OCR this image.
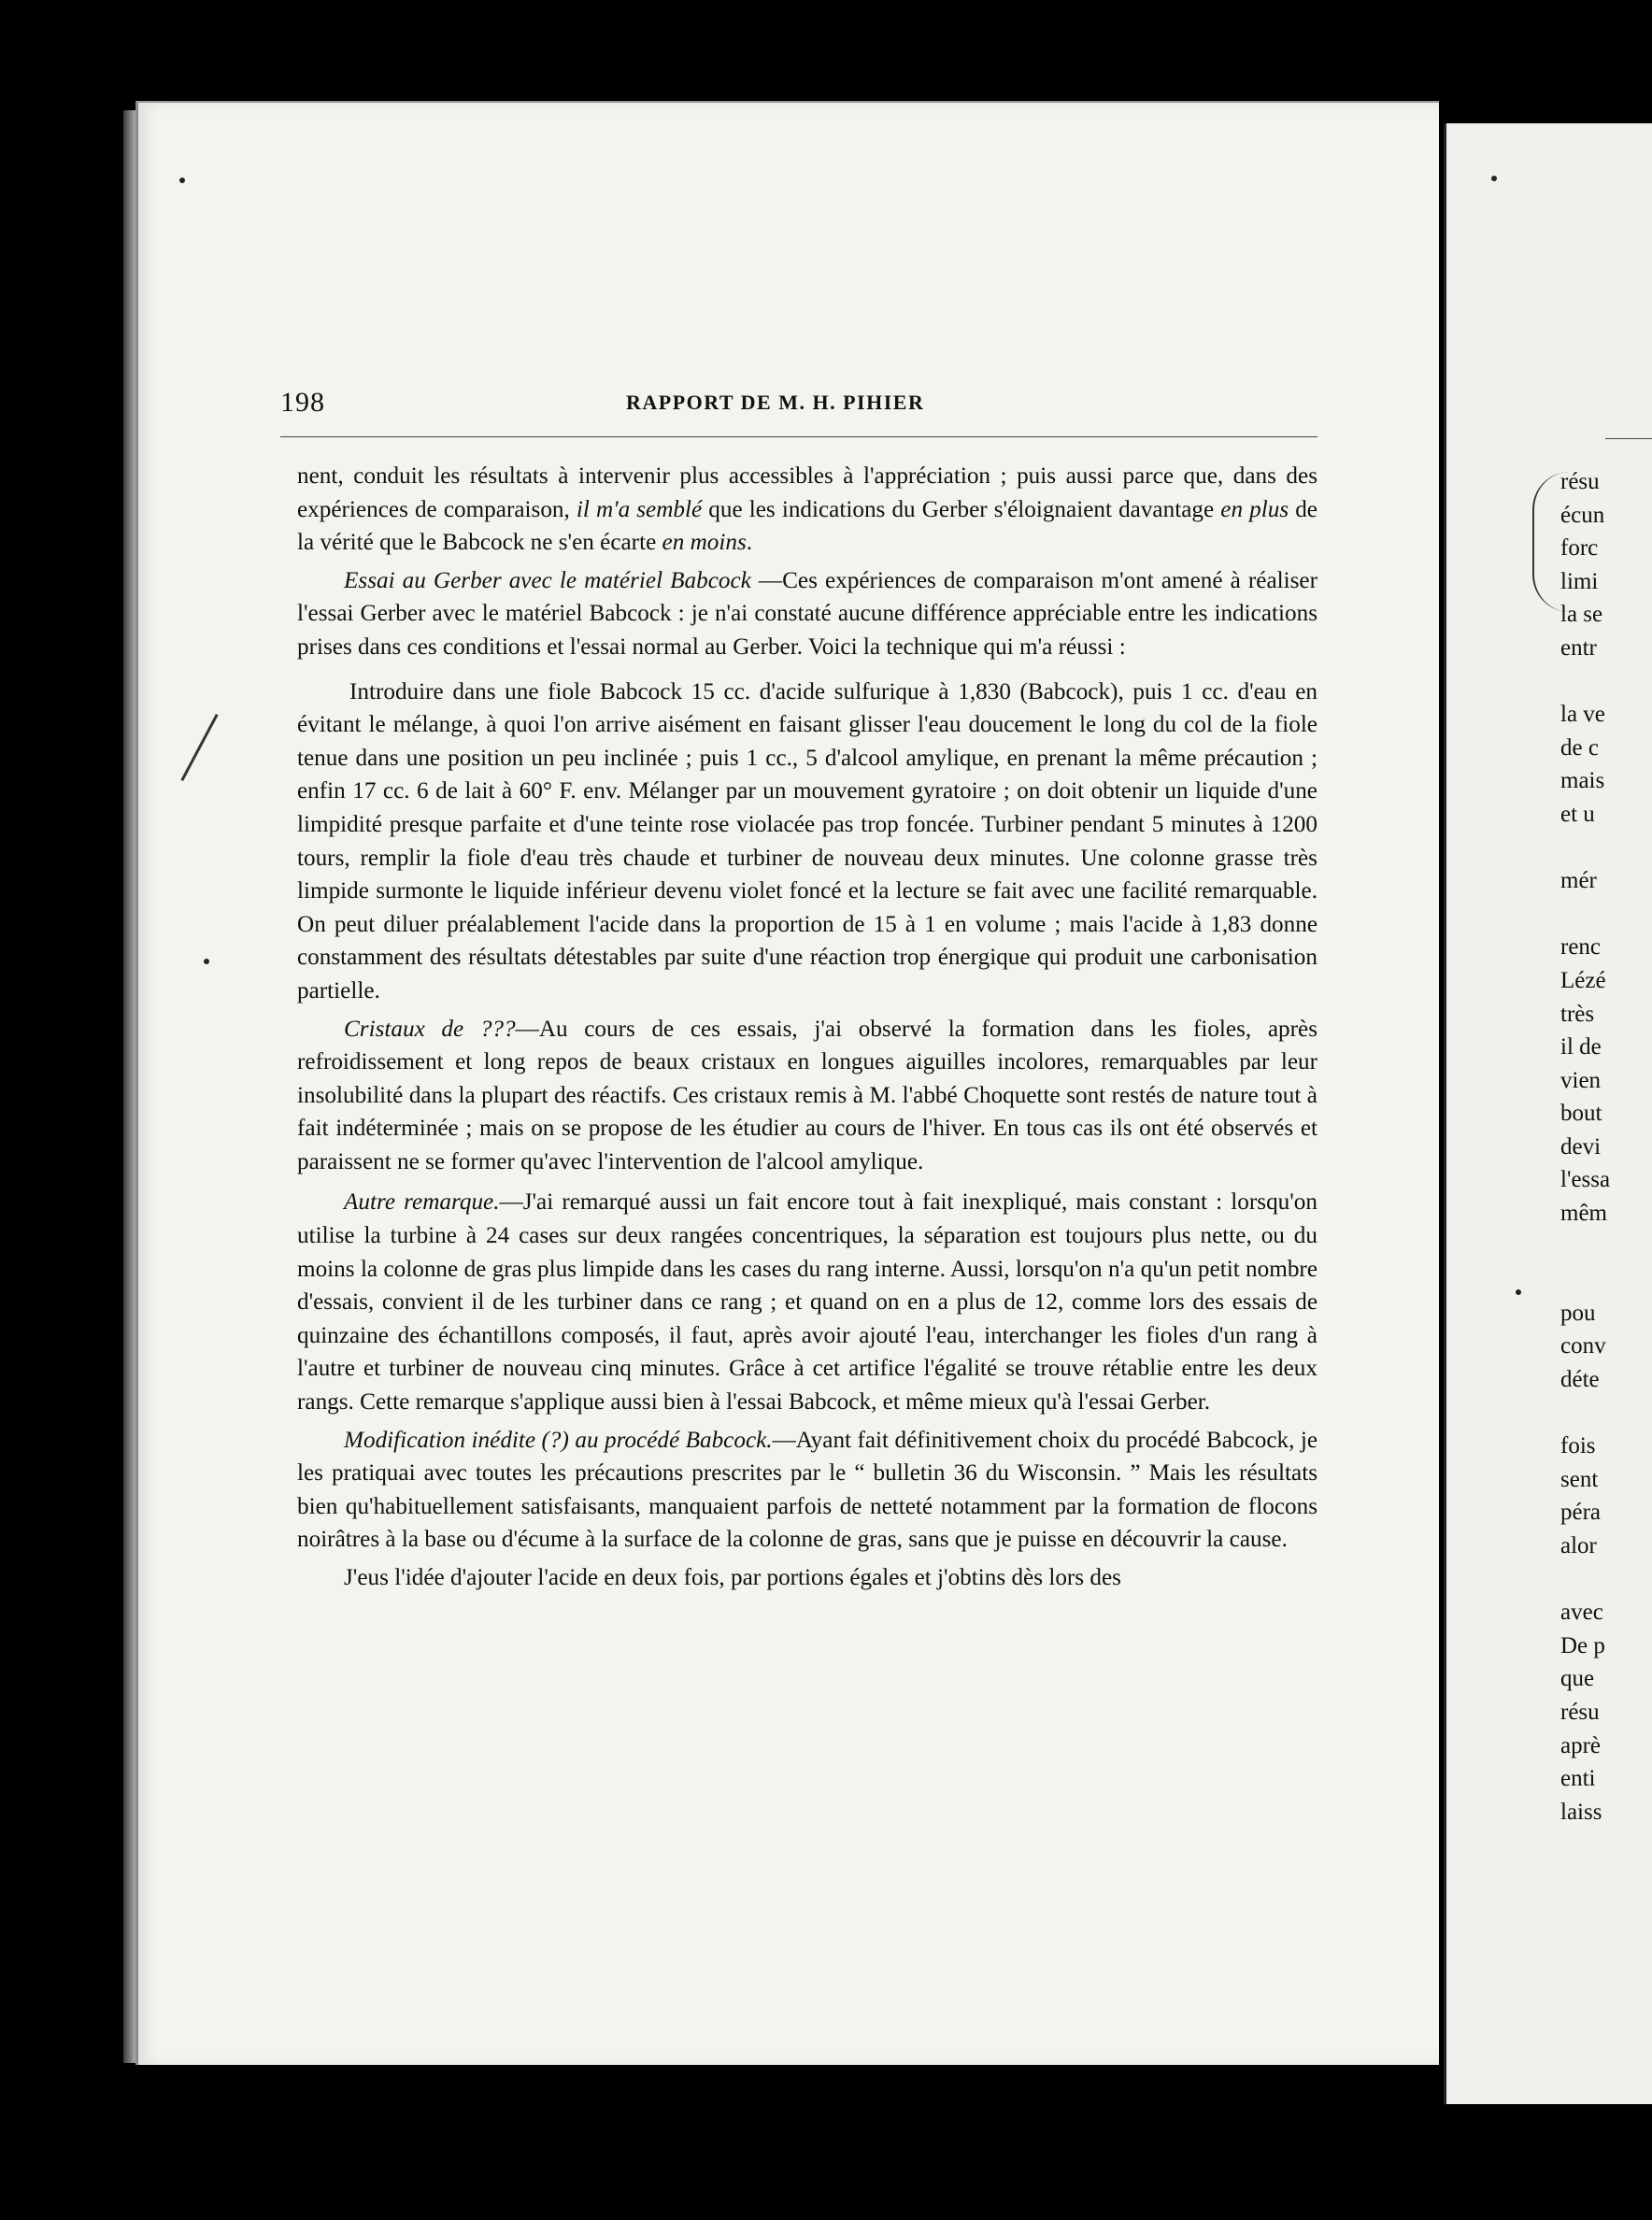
résu
écun
forc
limi
la se
entr
la ve
de c
mais
et u
mér
renc
Lézé
très
il de
vien
bout
devi
l'essa
mêm
pou
conv
déte
fois
sent
péra
alor
avec
De p
que
résu
aprè
enti
laiss
198	RAPPORT DE M. H. PIHIER

nent, conduit les résultats à intervenir plus accessibles à l'appréciation ; puis aussi parce que, dans des expériences de comparaison, il m'a semblé que les indications du Gerber s'éloignaient davantage en plus de la vérité que le Babcock ne s'en écarte en moins.

Essai au Gerber avec le matériel Babcock —Ces expériences de comparaison m'ont amené à réaliser l'essai Gerber avec le matériel Babcock : je n'ai constaté aucune différence appréciable entre les indications prises dans ces conditions et l'essai normal au Gerber. Voici la technique qui m'a réussi :

Introduire dans une fiole Babcock 15 cc. d'acide sulfurique à 1,830 (Babcock), puis 1 cc. d'eau en évitant le mélange, à quoi l'on arrive aisément en faisant glisser l'eau doucement le long du col de la fiole tenue dans une position un peu inclinée ; puis 1 cc., 5 d'alcool amylique, en prenant la même précaution ; enfin 17 cc. 6 de lait à 60° F. env. Mélanger par un mouvement gyratoire ; on doit obtenir un liquide d'une limpidité presque parfaite et d'une teinte rose violacée pas trop foncée. Turbiner pendant 5 minutes à 1200 tours, remplir la fiole d'eau très chaude et turbiner de nouveau deux minutes. Une colonne grasse très limpide surmonte le liquide inférieur devenu violet foncé et la lecture se fait avec une facilité remarquable. On peut diluer préalablement l'acide dans la proportion de 15 à 1 en volume ; mais l'acide à 1,83 donne constamment des résultats détestables par suite d'une réaction trop énergique qui produit une carbonisation partielle.

Cristaux de ???—Au cours de ces essais, j'ai observé la formation dans les fioles, après refroidissement et long repos de beaux cristaux en longues aiguilles incolores, remarquables par leur insolubilité dans la plupart des réactifs. Ces cristaux remis à M. l'abbé Choquette sont restés de nature tout à fait indéterminée ; mais on se propose de les étudier au cours de l'hiver. En tous cas ils ont été observés et paraissent ne se former qu'avec l'intervention de l'alcool amylique.

Autre remarque.—J'ai remarqué aussi un fait encore tout à fait inexpliqué, mais constant : lorsqu'on utilise la turbine à 24 cases sur deux rangées concentriques, la séparation est toujours plus nette, ou du moins la colonne de gras plus limpide dans les cases du rang interne. Aussi, lorsqu'on n'a qu'un petit nombre d'essais, convient il de les turbiner dans ce rang ; et quand on en a plus de 12, comme lors des essais de quinzaine des échantillons composés, il faut, après avoir ajouté l'eau, interchanger les fioles d'un rang à l'autre et turbiner de nouveau cinq minutes. Grâce à cet artifice l'égalité se trouve rétablie entre les deux rangs. Cette remarque s'applique aussi bien à l'essai Babcock, et même mieux qu'à l'essai Gerber.

Modification inédite (?) au procédé Babcock.—Ayant fait définitivement choix du procédé Babcock, je les pratiquai avec toutes les précautions prescrites par le “ bulletin 36 du Wisconsin. ” Mais les résultats bien qu'habituellement satisfaisants, manquaient parfois de netteté notamment par la formation de flocons noirâtres à la base ou d'écume à la surface de la colonne de gras, sans que je puisse en découvrir la cause.

J'eus l'idée d'ajouter l'acide en deux fois, par portions égales et j'obtins dès lors des
